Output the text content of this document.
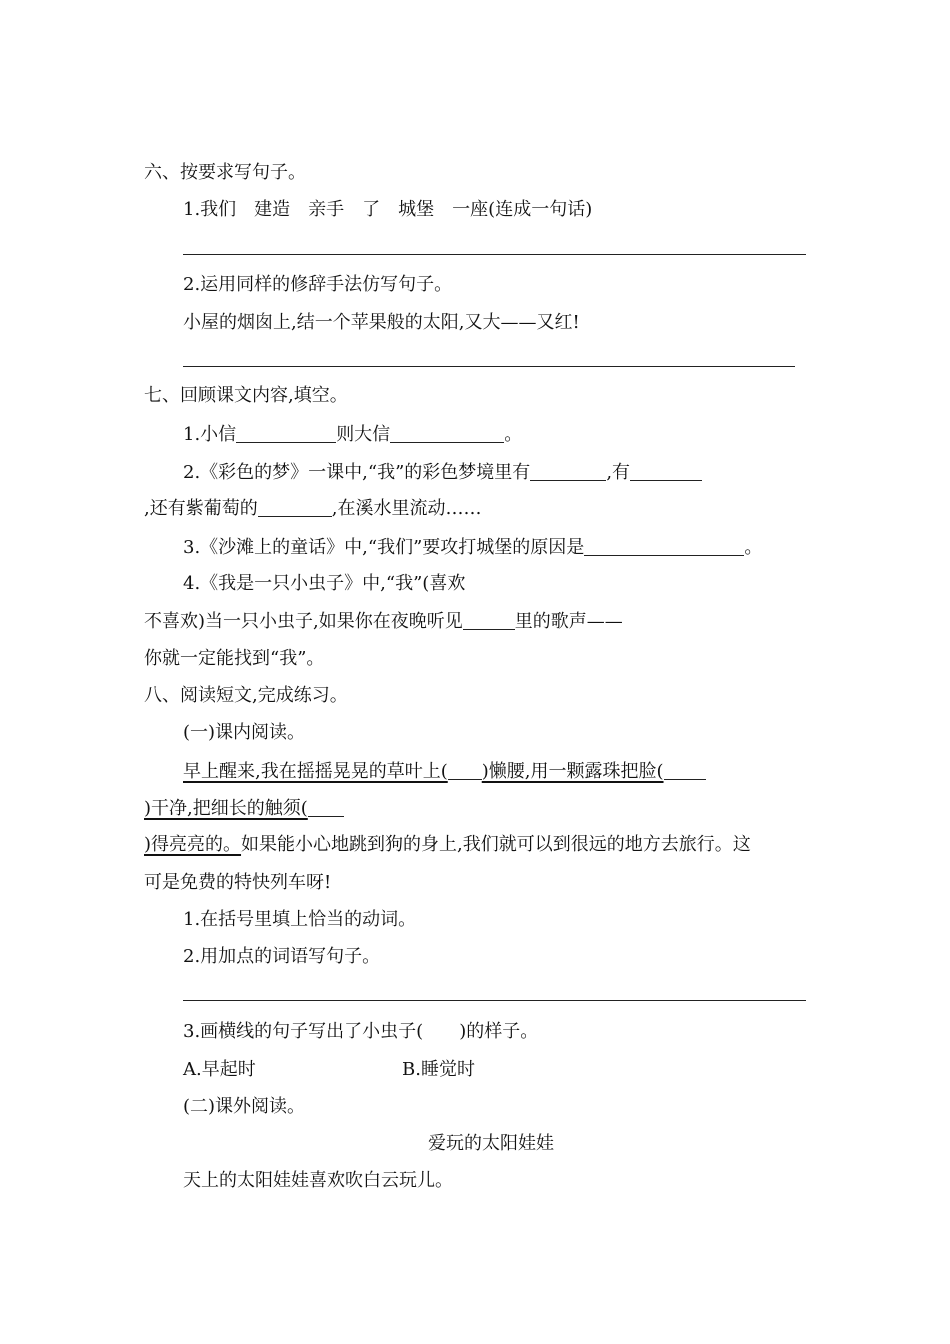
六、按要求写句子。
1.我们　建造　亲手　了　城堡　一座(连成一句话)
2.运用同样的修辞手法仿写句子。
小屋的烟囱上,结一个苹果般的太阳,又大——又红!
七、回顾课文内容,填空。
1.小信	则大信	。
2.《彩色的梦》一课中,“我”的彩色梦境里有	,有
,还有紫葡萄的	,在溪水里流动……
3.《沙滩上的童话》中,“我们”要攻打城堡的原因是	。
4.《我是一只小虫子》中,“我”(喜欢
不喜欢)当一只小虫子,如果你在夜晚听见	里的歌声——
你就一定能找到“我”。
八、阅读短文,完成练习。
(一)课内阅读。
早上醒来,我在摇摇晃晃的草叶上( )懒腰,用一颗露珠把脸(
)干净,把细长的触须(
)得亮亮的。如果能小心地跳到狗的身上,我们就可以到很远的地方去旅行。这
可是免费的特快列车呀!
1.在括号里填上恰当的动词。
2.用加点的词语写句子。
3.画横线的句子写出了小虫子(　　)的样子。
A.早起时	B.睡觉时
(二)课外阅读。
爱玩的太阳娃娃
天上的太阳娃娃喜欢吹白云玩儿。
